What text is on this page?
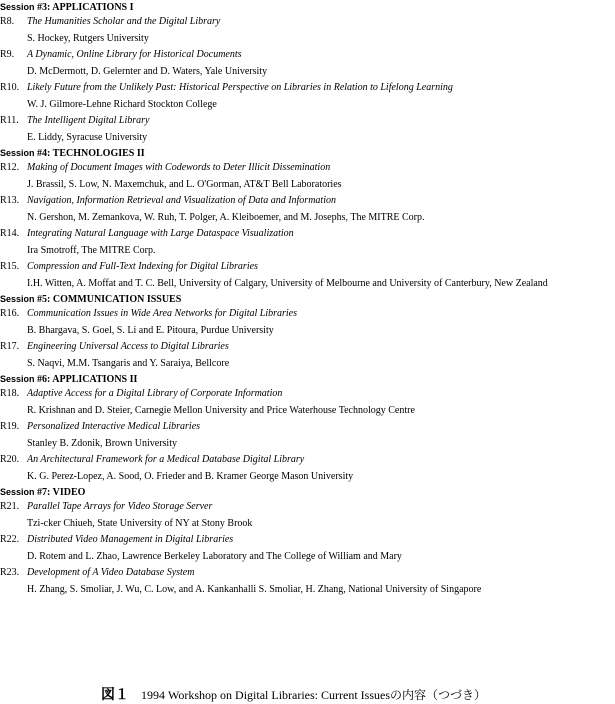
Session #3: APPLICATIONS I
R8. The Humanities Scholar and the Digital Library
S. Hockey, Rutgers University
R9. A Dynamic, Online Library for Historical Documents
D. McDermott, D. Gelernter and D. Waters, Yale University
R10. Likely Future from the Unlikely Past: Historical Perspective on Libraries in Relation to Lifelong Learning
W. J. Gilmore-Lehne Richard Stockton College
R11. The Intelligent Digital Library
E. Liddy, Syracuse University
Session #4: TECHNOLOGIES II
R12. Making of Document Images with Codewords to Deter Illicit Dissemination
J. Brassil, S. Low, N. Maxemchuk, and L. O'Gorman, AT&T Bell Laboratories
R13. Navigation, Information Retrieval and Visualization of Data and Information
N. Gershon, M. Zemankova, W. Ruh, T. Polger, A. Kleiboemer, and M. Josephs, The MITRE Corp.
R14. Integrating Natural Language with Large Dataspace Visualization
Ira Smotroff, The MITRE Corp.
R15. Compression and Full-Text Indexing for Digital Libraries
I.H. Witten, A. Moffat and T. C. Bell, University of Calgary, University of Melbourne and University of Canterbury, New Zealand
Session #5: COMMUNICATION ISSUES
R16. Communication Issues in Wide Area Networks for Digital Libraries
B. Bhargava, S. Goel, S. Li and E. Pitoura, Purdue University
R17. Engineering Universal Access to Digital Libraries
S. Naqvi, M.M. Tsangaris and Y. Saraiya, Bellcore
Session #6: APPLICATIONS II
R18. Adaptive Access for a Digital Library of Corporate Information
R. Krishnan and D. Steier, Carnegie Mellon University and Price Waterhouse Technology Centre
R19. Personalized Interactive Medical Libraries
Stanley B. Zdonik, Brown University
R20. An Architectural Framework for a Medical Database Digital Library
K. G. Perez-Lopez, A. Sood, O. Frieder and B. Kramer George Mason University
Session #7: VIDEO
R21. Parallel Tape Arrays for Video Storage Server
Tzi-cker Chiueh, State University of NY at Stony Brook
R22. Distributed Video Management in Digital Libraries
D. Rotem and L. Zhao, Lawrence Berkeley Laboratory and The College of William and Mary
R23. Development of A Video Database System
H. Zhang, S. Smoliar, J. Wu, C. Low, and A. Kankanhalli S. Smoliar, H. Zhang, National University of Singapore
図１ 1994 Workshop on Digital Libraries: Current Issuesの内容（つづき）
